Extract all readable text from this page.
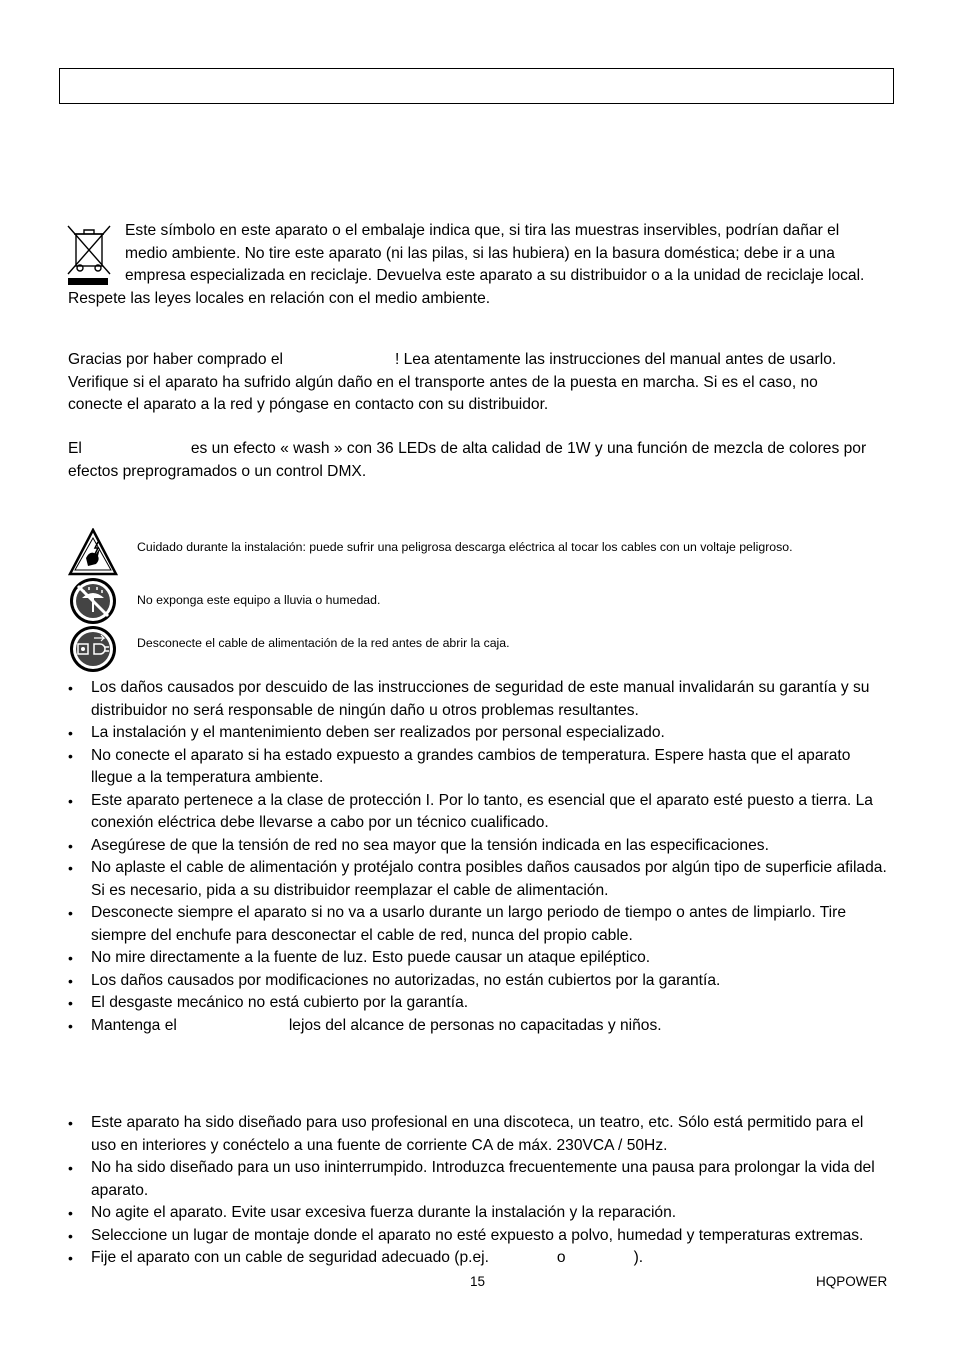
Este símbolo en este aparato o el embalaje indica que, si tira las muestras inservibles, podrían dañar el
medio ambiente. No tire este aparato (ni las pilas, si las hubiera) en la basura doméstica; debe ir a una
empresa especializada en reciclaje. Devuelva este aparato a su distribuidor o a la unidad de reciclaje local.
Respete las leyes locales en relación con el medio ambiente.
Gracias por haber comprado el	! Lea atentamente las instrucciones del manual antes de usarlo.
Verifique si el aparato ha sufrido algún daño en el transporte antes de la puesta en marcha. Si es el caso, no
conecte el aparato a la red y póngase en contacto con su distribuidor.
El	es un efecto « wash » con 36 LEDs de alta calidad de 1W y una función de mezcla de colores por
efectos preprogramados o un control DMX.
Cuidado durante la instalación: puede sufrir una peligrosa descarga eléctrica al tocar los cables con un voltaje peligroso.
No exponga este equipo a lluvia o humedad.
Desconecte el cable de alimentación de la red antes de abrir la caja.
• Los daños causados por descuido de las instrucciones de seguridad de este manual invalidarán su garantía y su distribuidor no será responsable de ningún daño u otros problemas resultantes.
• La instalación y el mantenimiento deben ser realizados por personal especializado.
• No conecte el aparato si ha estado expuesto a grandes cambios de temperatura. Espere hasta que el aparato llegue a la temperatura ambiente.
• Este aparato pertenece a la clase de protección I. Por lo tanto, es esencial que el aparato esté puesto a tierra. La conexión eléctrica debe llevarse a cabo por un técnico cualificado.
• Asegúrese de que la tensión de red no sea mayor que la tensión indicada en las especificaciones.
• No aplaste el cable de alimentación y protéjalo contra posibles daños causados por algún tipo de superficie afilada. Si es necesario, pida a su distribuidor reemplazar el cable de alimentación.
• Desconecte siempre el aparato si no va a usarlo durante un largo periodo de tiempo o antes de limpiarlo. Tire siempre del enchufe para desconectar el cable de red, nunca del propio cable.
• No mire directamente a la fuente de luz. Esto puede causar un ataque epiléptico.
• Los daños causados por modificaciones no autorizadas, no están cubiertos por la garantía.
• El desgaste mecánico no está cubierto por la garantía.
• Mantenga el	lejos del alcance de personas no capacitadas y niños.
• Este aparato ha sido diseñado para uso profesional en una discoteca, un teatro, etc. Sólo está permitido para el uso en interiores y conéctelo a una fuente de corriente CA de máx. 230VCA / 50Hz.
• No ha sido diseñado para un uso ininterrumpido. Introduzca frecuentemente una pausa para prolongar la vida del aparato.
• No agite el aparato. Evite usar excesiva fuerza durante la instalación y la reparación.
• Seleccione un lugar de montaje donde el aparato no esté expuesto a polvo, humedad y temperaturas extremas.
• Fije el aparato con un cable de seguridad adecuado (p.ej.	o	).
15	HQPOWER
